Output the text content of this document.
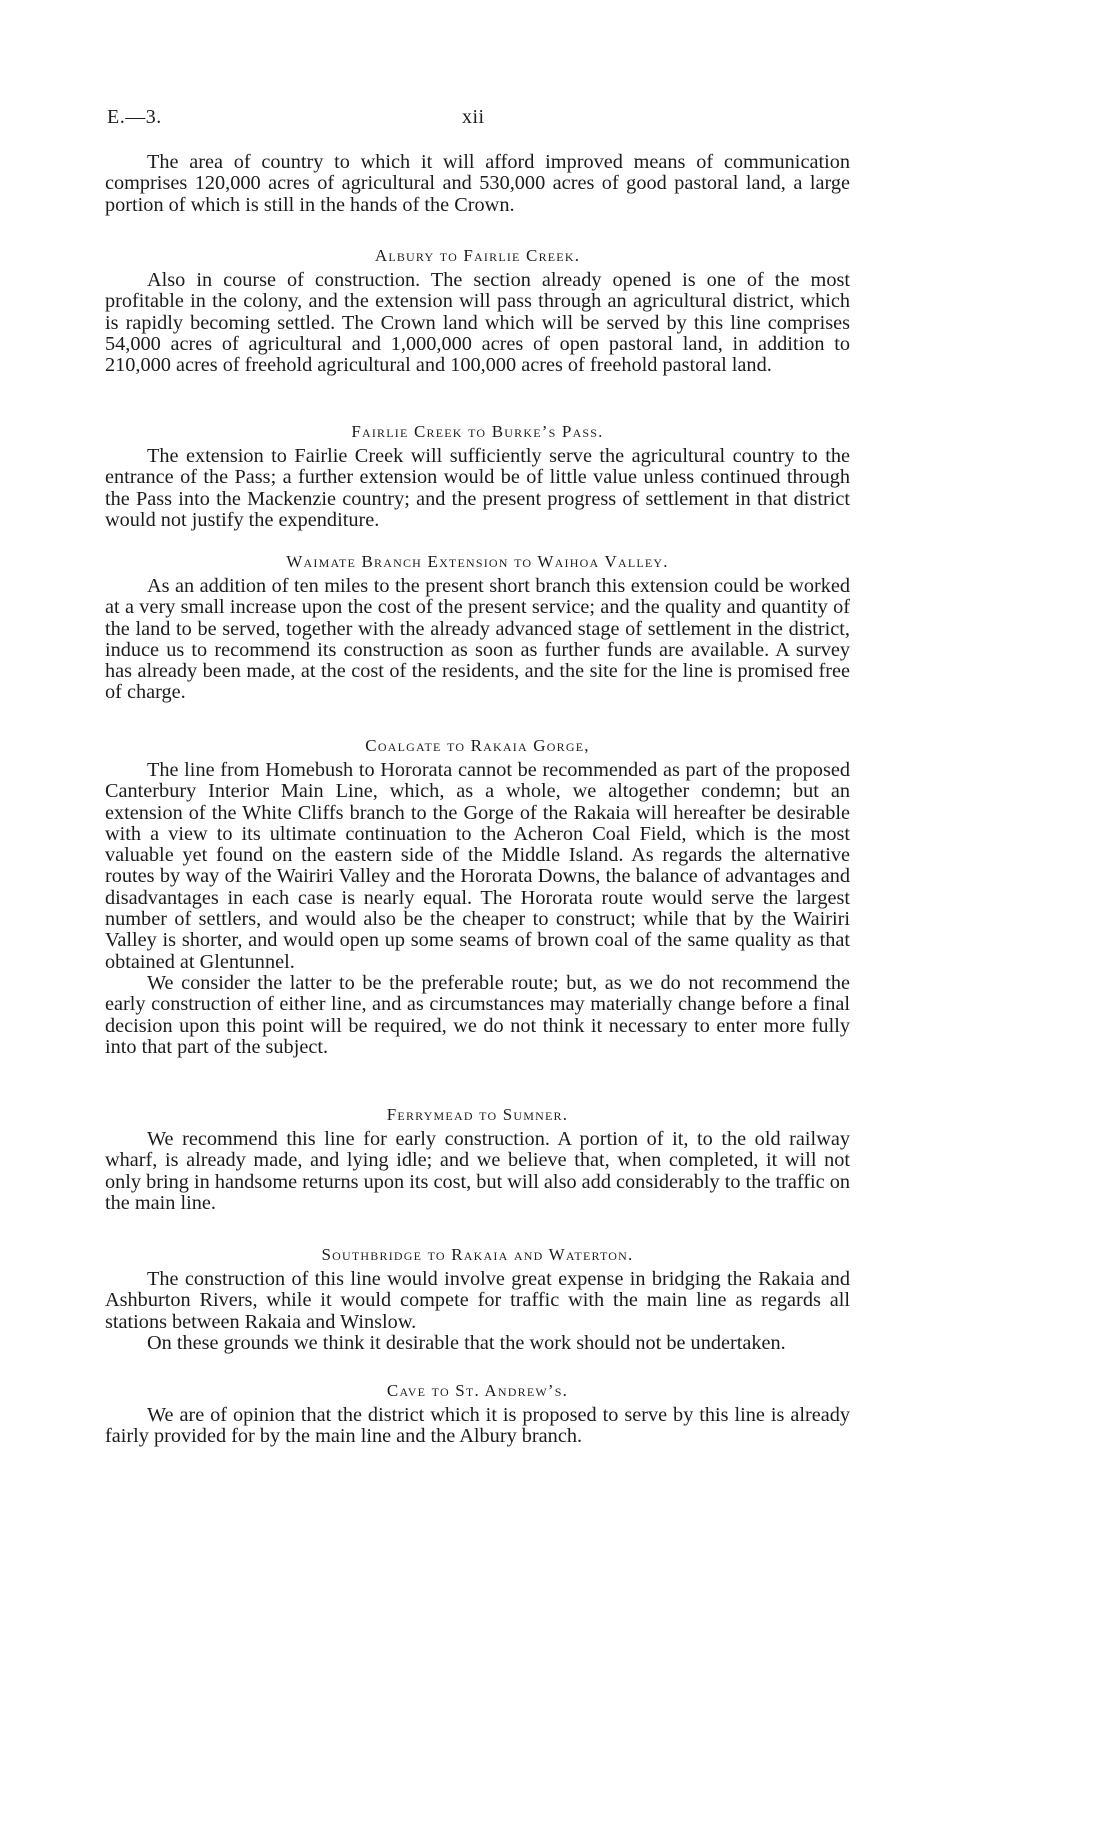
E.—3.	xii

The area of country to which it will afford improved means of communication comprises 120,000 acres of agricultural and 530,000 acres of good pastoral land, a large portion of which is still in the hands of the Crown.

Albury to Fairlie Creek.

Also in course of construction. The section already opened is one of the most profitable in the colony, and the extension will pass through an agricultural district, which is rapidly becoming settled. The Crown land which will be served by this line comprises 54,000 acres of agricultural and 1,000,000 acres of open pastoral land, in addition to 210,000 acres of freehold agricultural and 100,000 acres of freehold pastoral land.

Fairlie Creek to Burke’s Pass.

The extension to Fairlie Creek will sufficiently serve the agricultural country to the entrance of the Pass; a further extension would be of little value unless continued through the Pass into the Mackenzie country; and the present progress of settlement in that district would not justify the expenditure.

Waimate Branch Extension to Waihoa Valley.

As an addition of ten miles to the present short branch this extension could be worked at a very small increase upon the cost of the present service; and the quality and quantity of the land to be served, together with the already advanced stage of settlement in the district, induce us to recommend its construction as soon as further funds are available. A survey has already been made, at the cost of the residents, and the site for the line is promised free of charge.

Coalgate to Rakaia Gorge,

The line from Homebush to Hororata cannot be recommended as part of the proposed Canterbury Interior Main Line, which, as a whole, we altogether condemn; but an extension of the White Cliffs branch to the Gorge of the Rakaia will hereafter be desirable with a view to its ultimate continuation to the Acheron Coal Field, which is the most valuable yet found on the eastern side of the Middle Island. As regards the alternative routes by way of the Wairiri Valley and the Hororata Downs, the balance of advantages and disadvantages in each case is nearly equal. The Hororata route would serve the largest number of settlers, and would also be the cheaper to construct; while that by the Wairiri Valley is shorter, and would open up some seams of brown coal of the same quality as that obtained at Glentunnel.

We consider the latter to be the preferable route; but, as we do not recommend the early construction of either line, and as circumstances may materially change before a final decision upon this point will be required, we do not think it necessary to enter more fully into that part of the subject.

Ferrymead to Sumner.

We recommend this line for early construction. A portion of it, to the old railway wharf, is already made, and lying idle; and we believe that, when completed, it will not only bring in handsome returns upon its cost, but will also add considerably to the traffic on the main line.

Southbridge to Rakaia and Waterton.

The construction of this line would involve great expense in bridging the Rakaia and Ashburton Rivers, while it would compete for traffic with the main line as regards all stations between Rakaia and Winslow.

On these grounds we think it desirable that the work should not be undertaken.

Cave to St. Andrew’s.

We are of opinion that the district which it is proposed to serve by this line is already fairly provided for by the main line and the Albury branch.
